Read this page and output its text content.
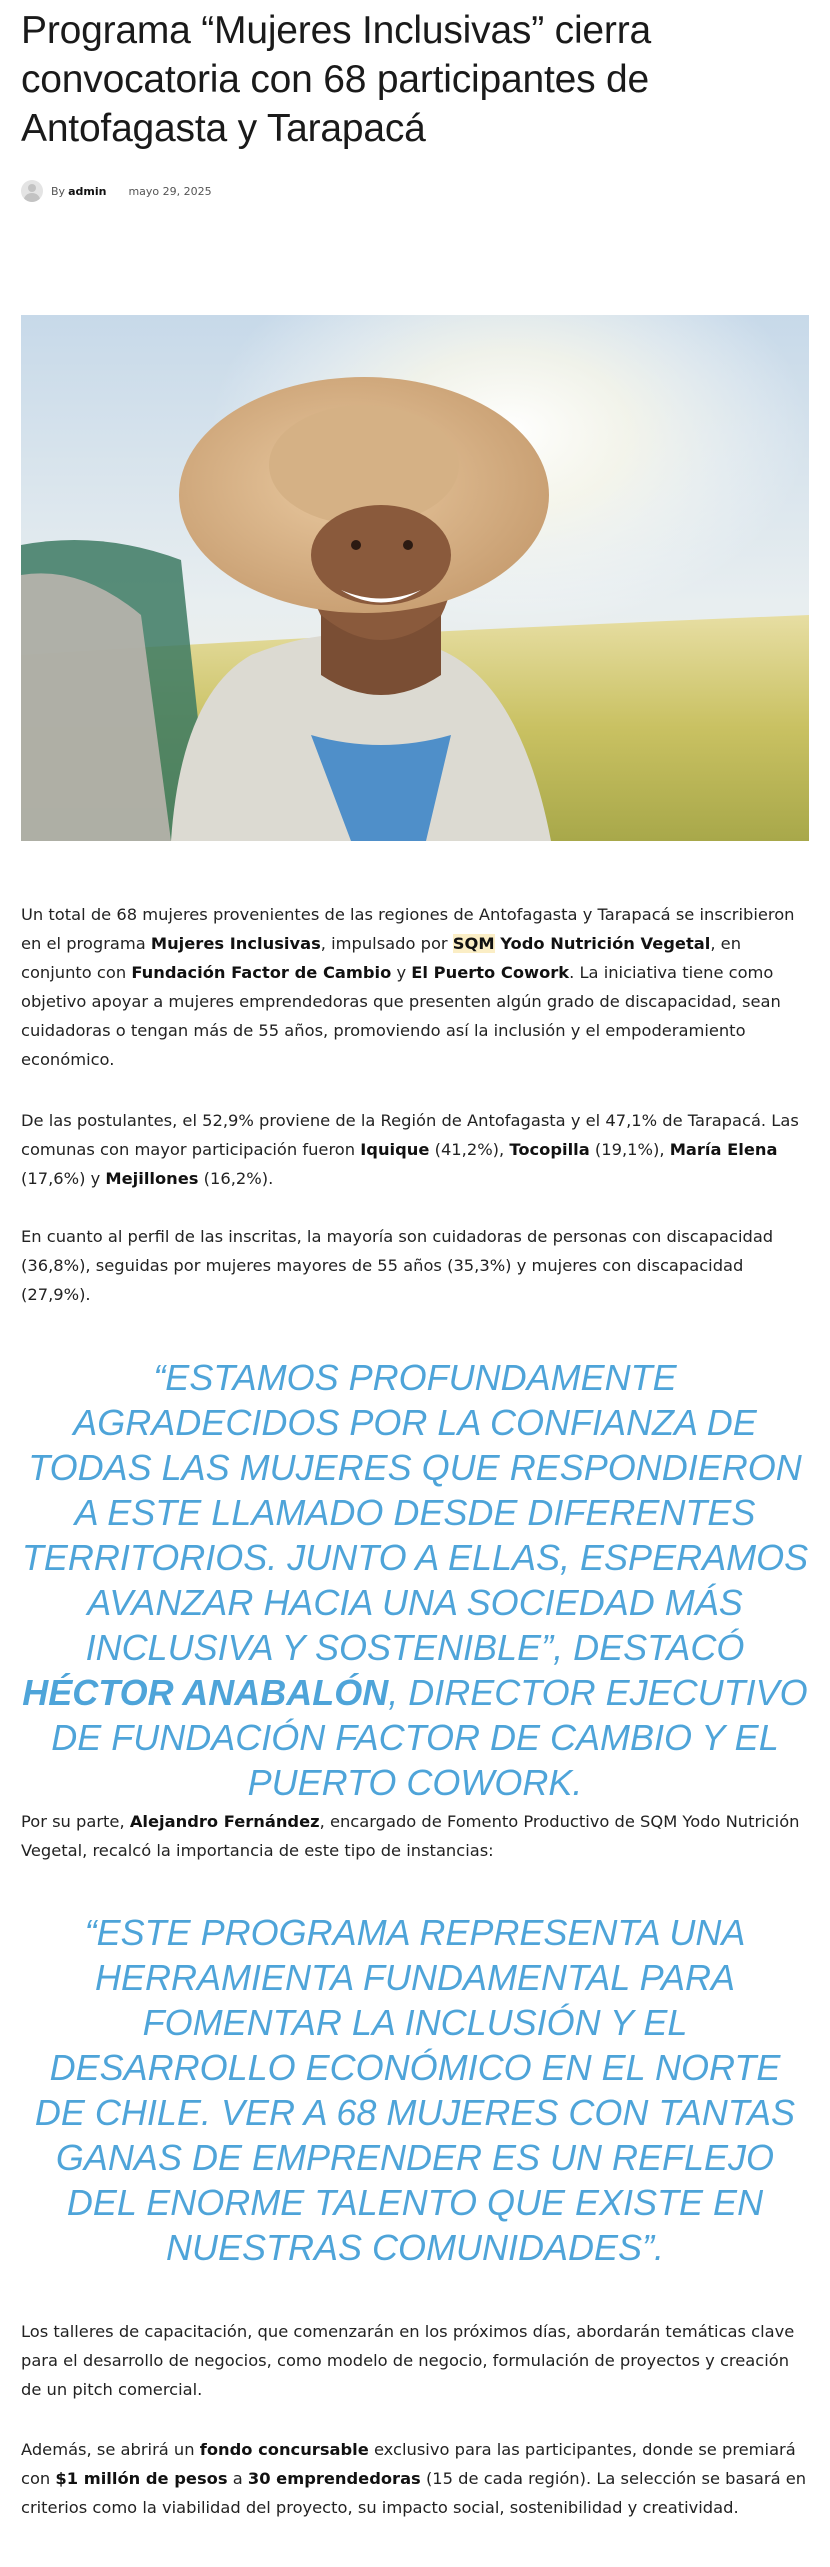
Programa “Mujeres Inclusivas” cierra convocatoria con 68 participantes de Antofagasta y Tarapacá
By admin mayo 29, 2025

Un total de 68 mujeres provenientes de las regiones de Antofagasta y Tarapacá se inscribieron en el programa Mujeres Inclusivas, impulsado por SQM Yodo Nutrición Vegetal, en conjunto con Fundación Factor de Cambio y El Puerto Cowork. La iniciativa tiene como objetivo apoyar a mujeres emprendedoras que presenten algún grado de discapacidad, sean cuidadoras o tengan más de 55 años, promoviendo así la inclusión y el empoderamiento económico.

De las postulantes, el 52,9% proviene de la Región de Antofagasta y el 47,1% de Tarapacá. Las comunas con mayor participación fueron Iquique (41,2%), Tocopilla (19,1%), María Elena (17,6%) y Mejillones (16,2%).

En cuanto al perfil de las inscritas, la mayoría son cuidadoras de personas con discapacidad (36,8%), seguidas por mujeres mayores de 55 años (35,3%) y mujeres con discapacidad (27,9%).

“ESTAMOS PROFUNDAMENTE AGRADECIDOS POR LA CONFIANZA DE TODAS LAS MUJERES QUE RESPONDIERON A ESTE LLAMADO DESDE DIFERENTES TERRITORIOS. JUNTO A ELLAS, ESPERAMOS AVANZAR HACIA UNA SOCIEDAD MÁS INCLUSIVA Y SOSTENIBLE”, DESTACÓ HÉCTOR ANABALÓN, DIRECTOR EJECUTIVO DE FUNDACIÓN FACTOR DE CAMBIO Y EL PUERTO COWORK.

Por su parte, Alejandro Fernández, encargado de Fomento Productivo de SQM Yodo Nutrición Vegetal, recalcó la importancia de este tipo de instancias:

“ESTE PROGRAMA REPRESENTA UNA HERRAMIENTA FUNDAMENTAL PARA FOMENTAR LA INCLUSIÓN Y EL DESARROLLO ECONÓMICO EN EL NORTE DE CHILE. VER A 68 MUJERES CON TANTAS GANAS DE EMPRENDER ES UN REFLEJO DEL ENORME TALENTO QUE EXISTE EN NUESTRAS COMUNIDADES”.

Los talleres de capacitación, que comenzarán en los próximos días, abordarán temáticas clave para el desarrollo de negocios, como modelo de negocio, formulación de proyectos y creación de un pitch comercial.

Además, se abrirá un fondo concursable exclusivo para las participantes, donde se premiará con $1 millón de pesos a 30 emprendedoras (15 de cada región). La selección se basará en criterios como la viabilidad del proyecto, su impacto social, sostenibilidad y creatividad.
